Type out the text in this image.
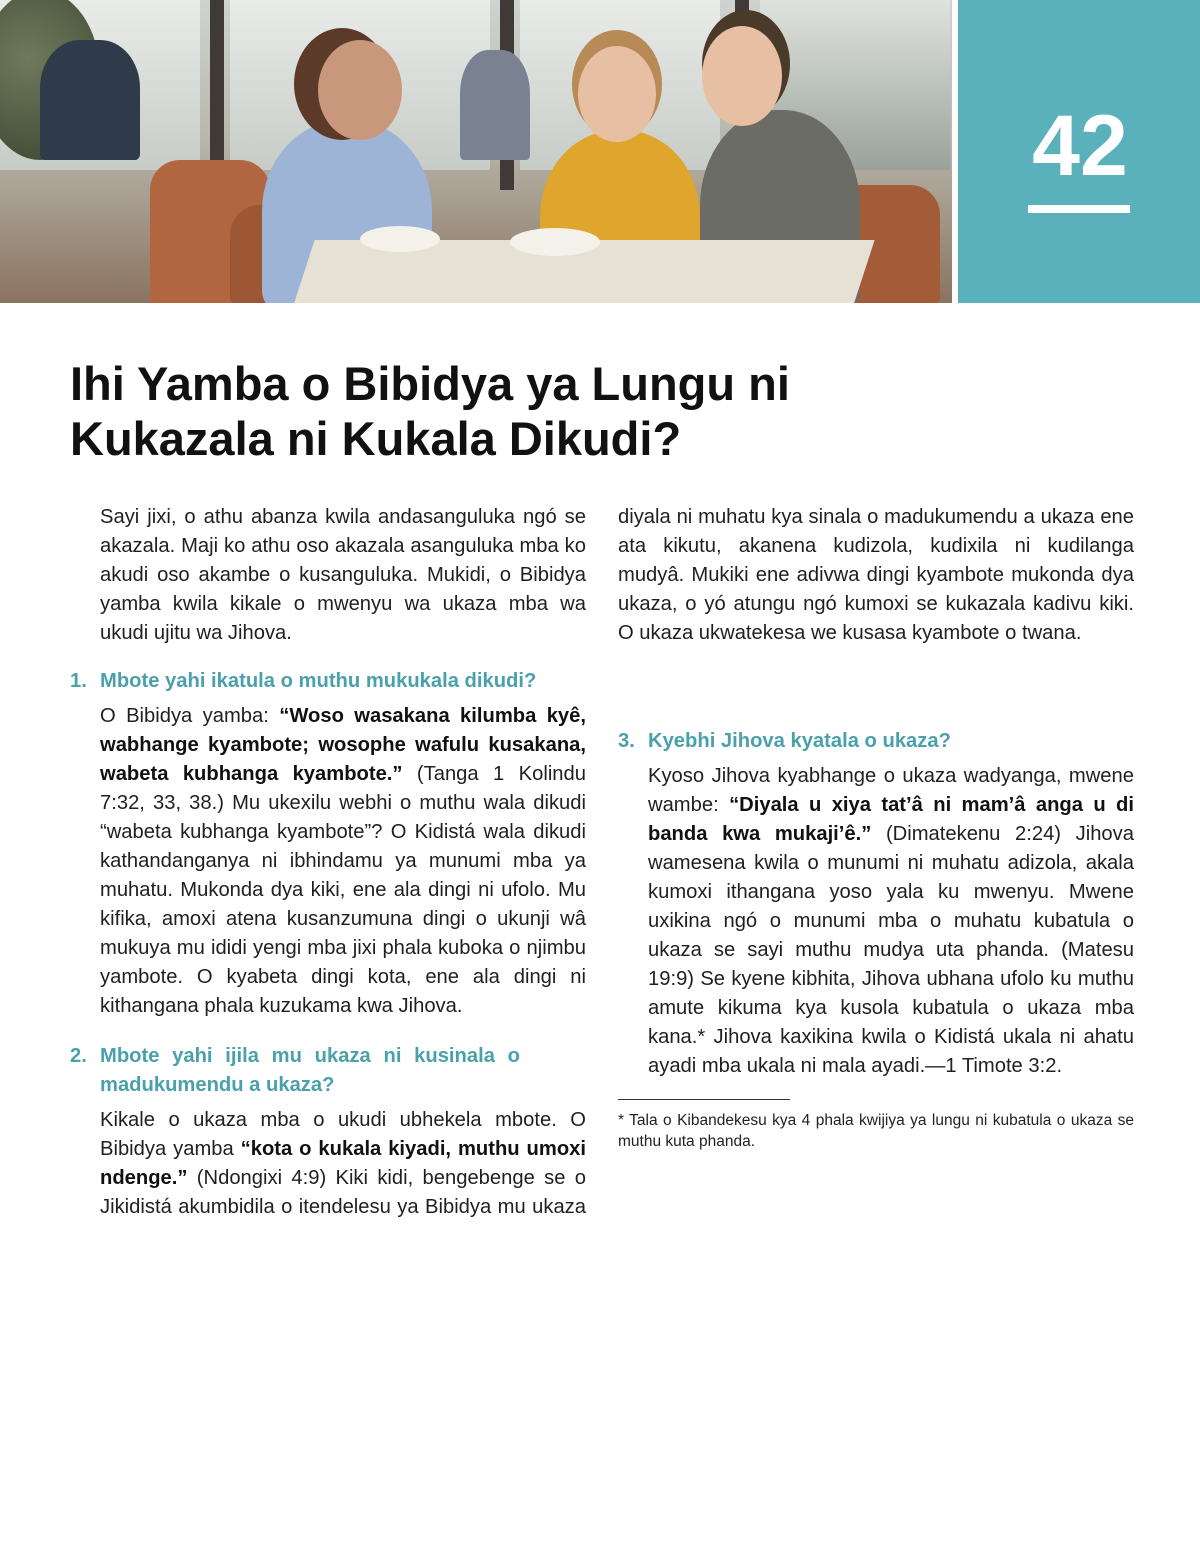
42
Ihi Yamba o Bibidya ya Lungu ni
Kukazala ni Kukala Dikudi?

Sayi jixi, o athu abanza kwila andasanguluka ngó se akazala. Maji ko athu oso akazala asanguluka mba ko akudi oso akambe o kusanguluka. Mukidi, o Bibidya yamba kwila kikale o mwenyu wa ukaza mba wa ukudi ujitu wa Jihova.

1. Mbote yahi ikatula o muthu mukukala dikudi?

O Bibidya yamba: “Woso wasakana kilumba kyê, wabhange kyambote; wosophe wafulu kusakana, wabeta kubhanga kyambote.” (Tanga 1 Kolindu 7:32, 33, 38.) Mu ukexilu webhi o muthu wala dikudi “wabeta kubhanga kyambote”? O Kidistá wala dikudi kathandanganya ni ibhindamu ya munumi mba ya muhatu. Mukonda dya kiki, ene ala dingi ni ufolo. Mu kifika, amoxi atena kusanzumuna dingi o ukunji wâ mukuya mu ididi yengi mba jixi phala kuboka o njimbu yambote. O kyabeta dingi kota, ene ala dingi ni kithangana phala kuzukama kwa Jihova.

2. Mbote yahi ijila mu ukaza ni kusinala o madukumendu a ukaza?

Kikale o ukaza mba o ukudi ubhekela mbote. O Bibidya yamba “kota o kukala kiyadi, muthu umoxi ndenge.” (Ndongixi 4:9) Kiki kidi, bengebenge se o Jikidistá akumbidila o itendelesu ya Bibidya mu ukaza

diyala ni muhatu kya sinala o madukumendu a ukaza ene ata kikutu, akanena kudizola, kudixila ni kudilanga mudyâ. Mukiki ene adivwa dingi kyambote mukonda dya ukaza, o yó atungu ngó kumoxi se kukazala kadivu kiki. O ukaza ukwatekesa we kusasa kyambote o twana.

3. Kyebhi Jihova kyatala o ukaza?

Kyoso Jihova kyabhange o ukaza wadyanga, mwene wambe: “Diyala u xiya tat’â ni mam’â anga u di banda kwa mukaji’ê.” (Dimatekenu 2:24) Jihova wamesena kwila o munumi ni muhatu adizola, akala kumoxi ithangana yoso yala ku mwenyu. Mwene uxikina ngó o munumi mba o muhatu kubatula o ukaza se sayi muthu mudya uta phanda. (Matesu 19:9) Se kyene kibhita, Jihova ubhana ufolo ku muthu amute kikuma kya kusola kubatula o ukaza mba kana.* Jihova kaxikina kwila o Kidistá ukala ni ahatu ayadi mba ukala ni mala ayadi.—1 Timote 3:2.

* Tala o Kibandekesu kya 4 phala kwijiya ya lungu ni kubatula o ukaza se muthu kuta phanda.
